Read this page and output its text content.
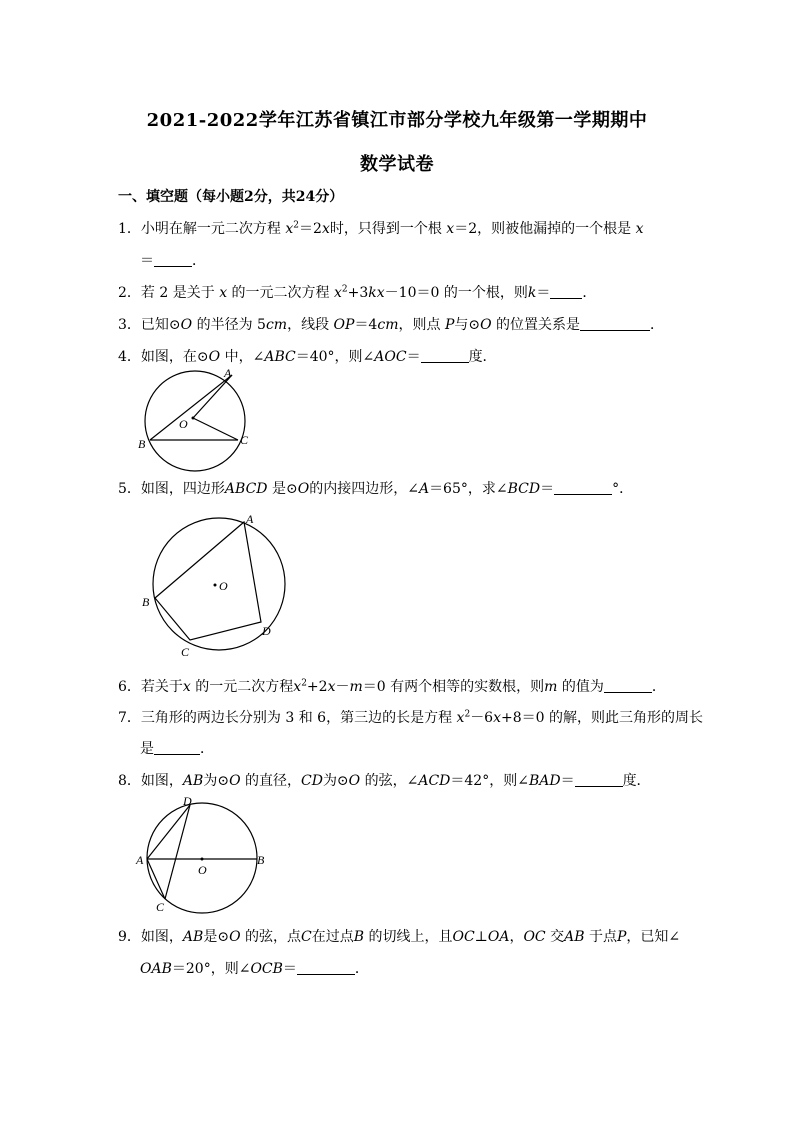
2021-2022学年江苏省镇江市部分学校九年级第一学期期中
数学试卷
一、填空题（每小题2分，共24分）
1．小明在解一元二次方程 $x^2=2x$时，只得到一个根 x＝2，则被他漏掉的一个根是 x
＝	．
2．若 2 是关于 x 的一元二次方程 $x^2+3kx-10=0$ 的一个根，则k＝ ．
3．已知⊙O 的半径为 5cm，线段 OP＝4cm，则点 P与⊙O 的位置关系是	．
4．如图，在⊙O 中，∠ABC＝40°，则∠AOC＝	度．
A
B	C
O
5．如图，四边形ABCD 是⊙O的内接四边形，∠A＝65°，求∠BCD＝	°．
A
B
C
D
O
6．若关于x 的一元二次方程$x^2+2x-m=0$ 有两个相等的实数根，则m 的值为	．
7．三角形的两边长分别为 3 和 6，第三边的长是方程 $x^2-6x+8=0$ 的解，则此三角形的周长
是	．
8．如图，AB为⊙O 的直径，CD为⊙O 的弦，∠ACD＝42°，则∠BAD＝	度．
A	B
C
D
O
9．如图，AB是⊙O 的弦，点C在过点B 的切线上，且OC⊥OA，OC 交AB 于点P，已知∠
OAB＝20°，则∠OCB＝	．
